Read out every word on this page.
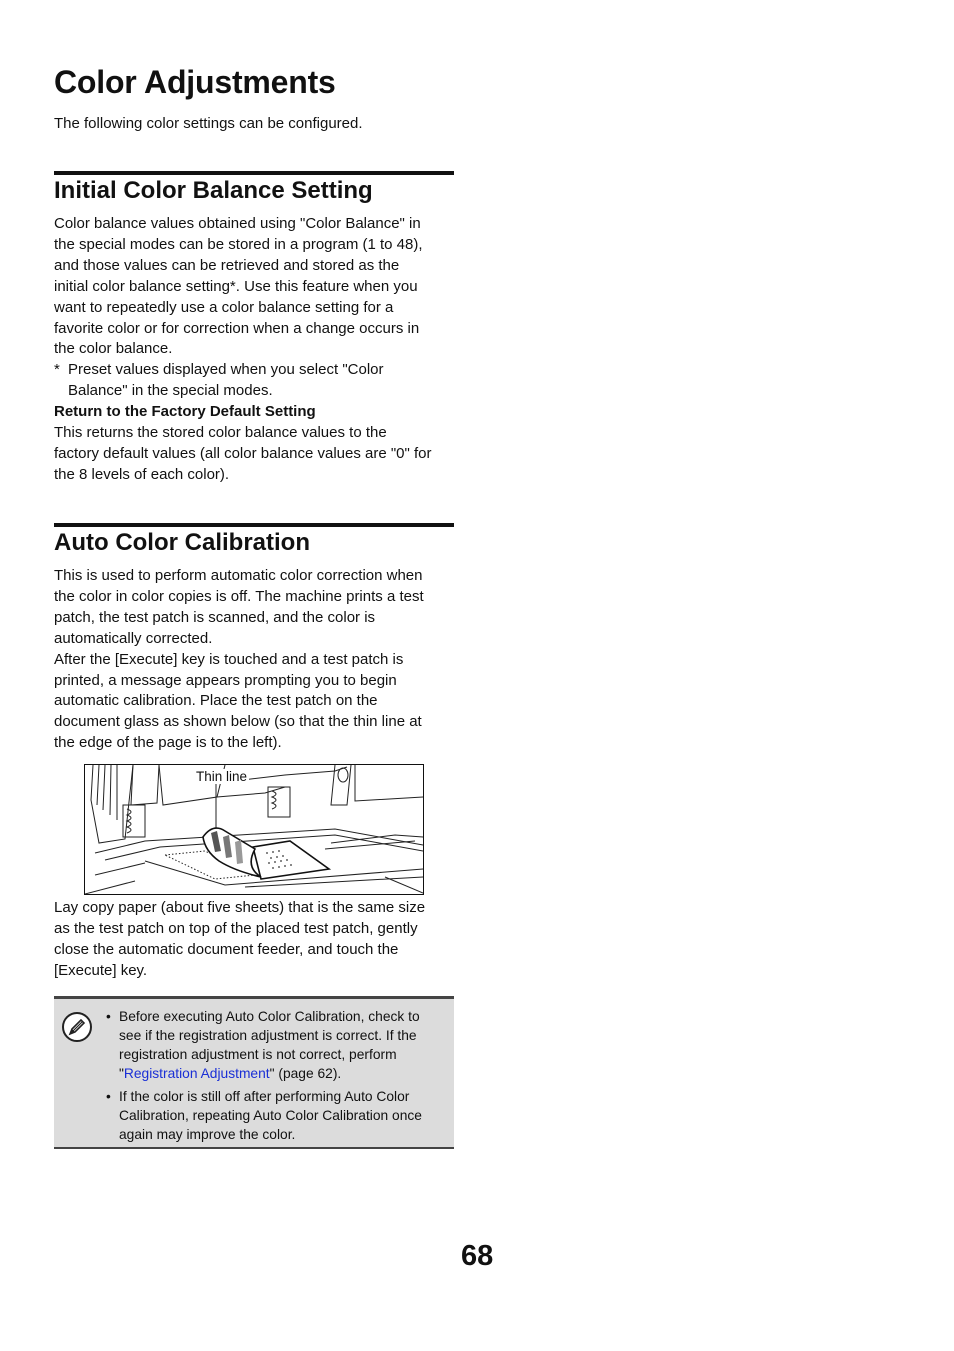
Color Adjustments

The following color settings can be configured.

Initial Color Balance Setting

Color balance values obtained using "Color Balance" in

the special modes can be stored in a program (1 to 48),

and those values can be retrieved and stored as the

initial color balance setting*. Use this feature when you

want to repeatedly use a color balance setting for a

favorite color or for correction when a change occurs in

the color balance.

* Preset values displayed when you select "Color

Balance" in the special modes.

Return to the Factory Default Setting

This returns the stored color balance values to the

factory default values (all color balance values are "0" for

the 8 levels of each color).

Auto Color Calibration

This is used to perform automatic color correction when

the color in color copies is off. The machine prints a test

patch, the test patch is scanned, and the color is

automatically corrected.

After the [Execute] key is touched and a test patch is

printed, a message appears prompting you to begin

automatic calibration. Place the test patch on the

document glass as shown below (so that the thin line at

the edge of the page is to the left).

Thin line

Lay copy paper (about five sheets) that is the same size

as the test patch on top of the placed test patch, gently

close the automatic document feeder, and touch the

[Execute] key.

• Before executing Auto Color Calibration, check to see if the registration adjustment is correct. If the registration adjustment is not correct, perform "Registration Adjustment" (page 62).
• If the color is still off after performing Auto Color Calibration, repeating Auto Color Calibration once again may improve the color.
68
